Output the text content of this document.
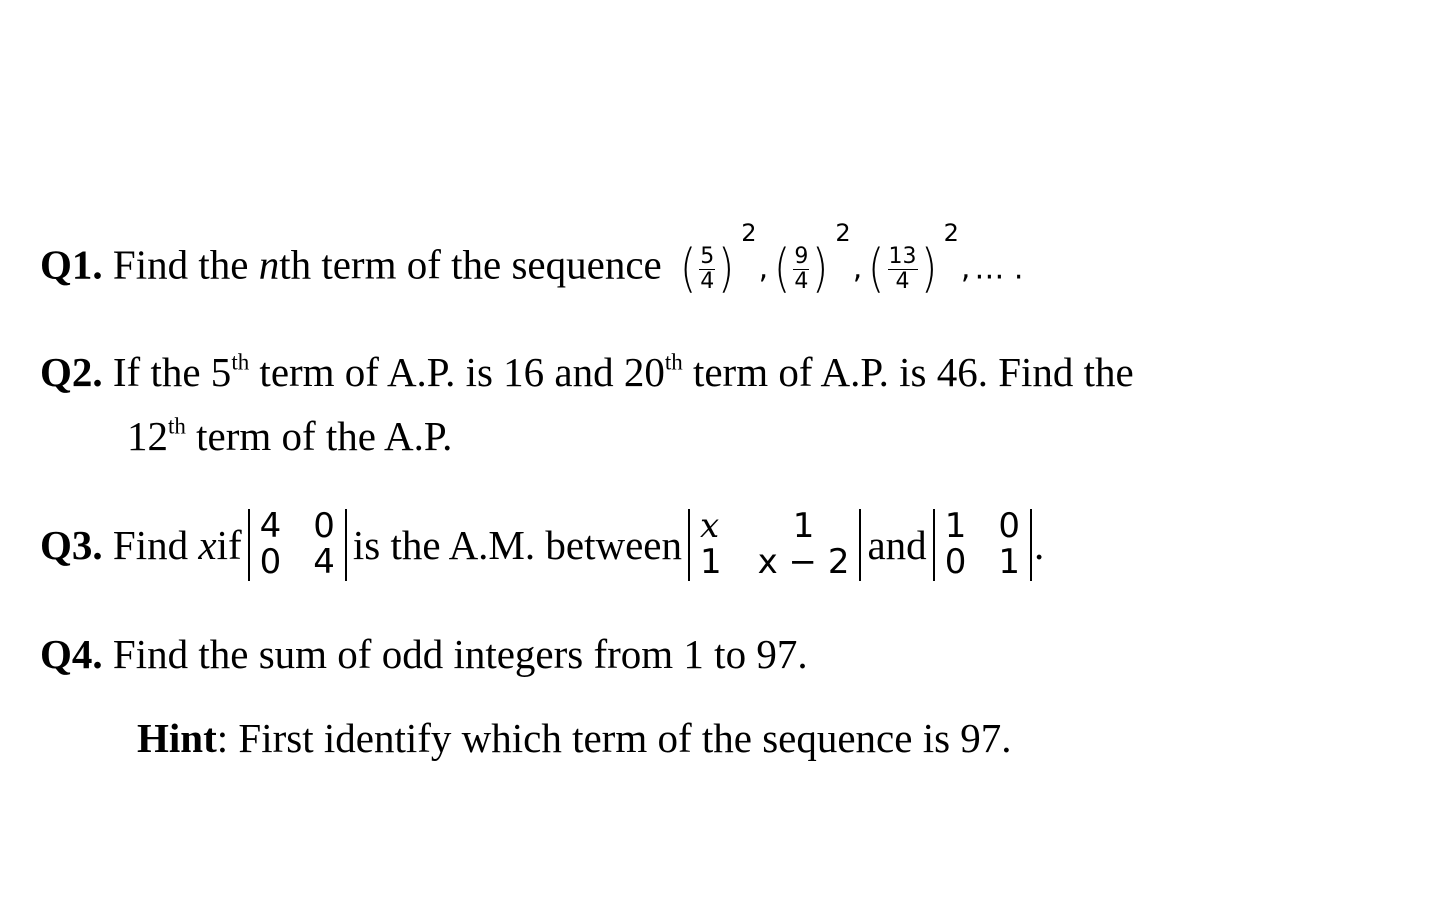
Q1. Find the nth term of the sequence ( $\frac{5}{4}$ )
2
, ( $\frac{9}{4}$ )
2
, ( $\frac{13}{4}$ )
2
, … .
Q2. If the 5th term of A.P. is 16 and 20th term of A.P. is 46. Find the
12th term of the A.P.
Q3.
Find
x if 4	0
0	4 is the A.M. between x	1
1	x − 2 and 1	0
0	1 .
Q4. Find the sum of odd integers from 1 to 97.
Hint: First identify which term of the sequence is 97.
